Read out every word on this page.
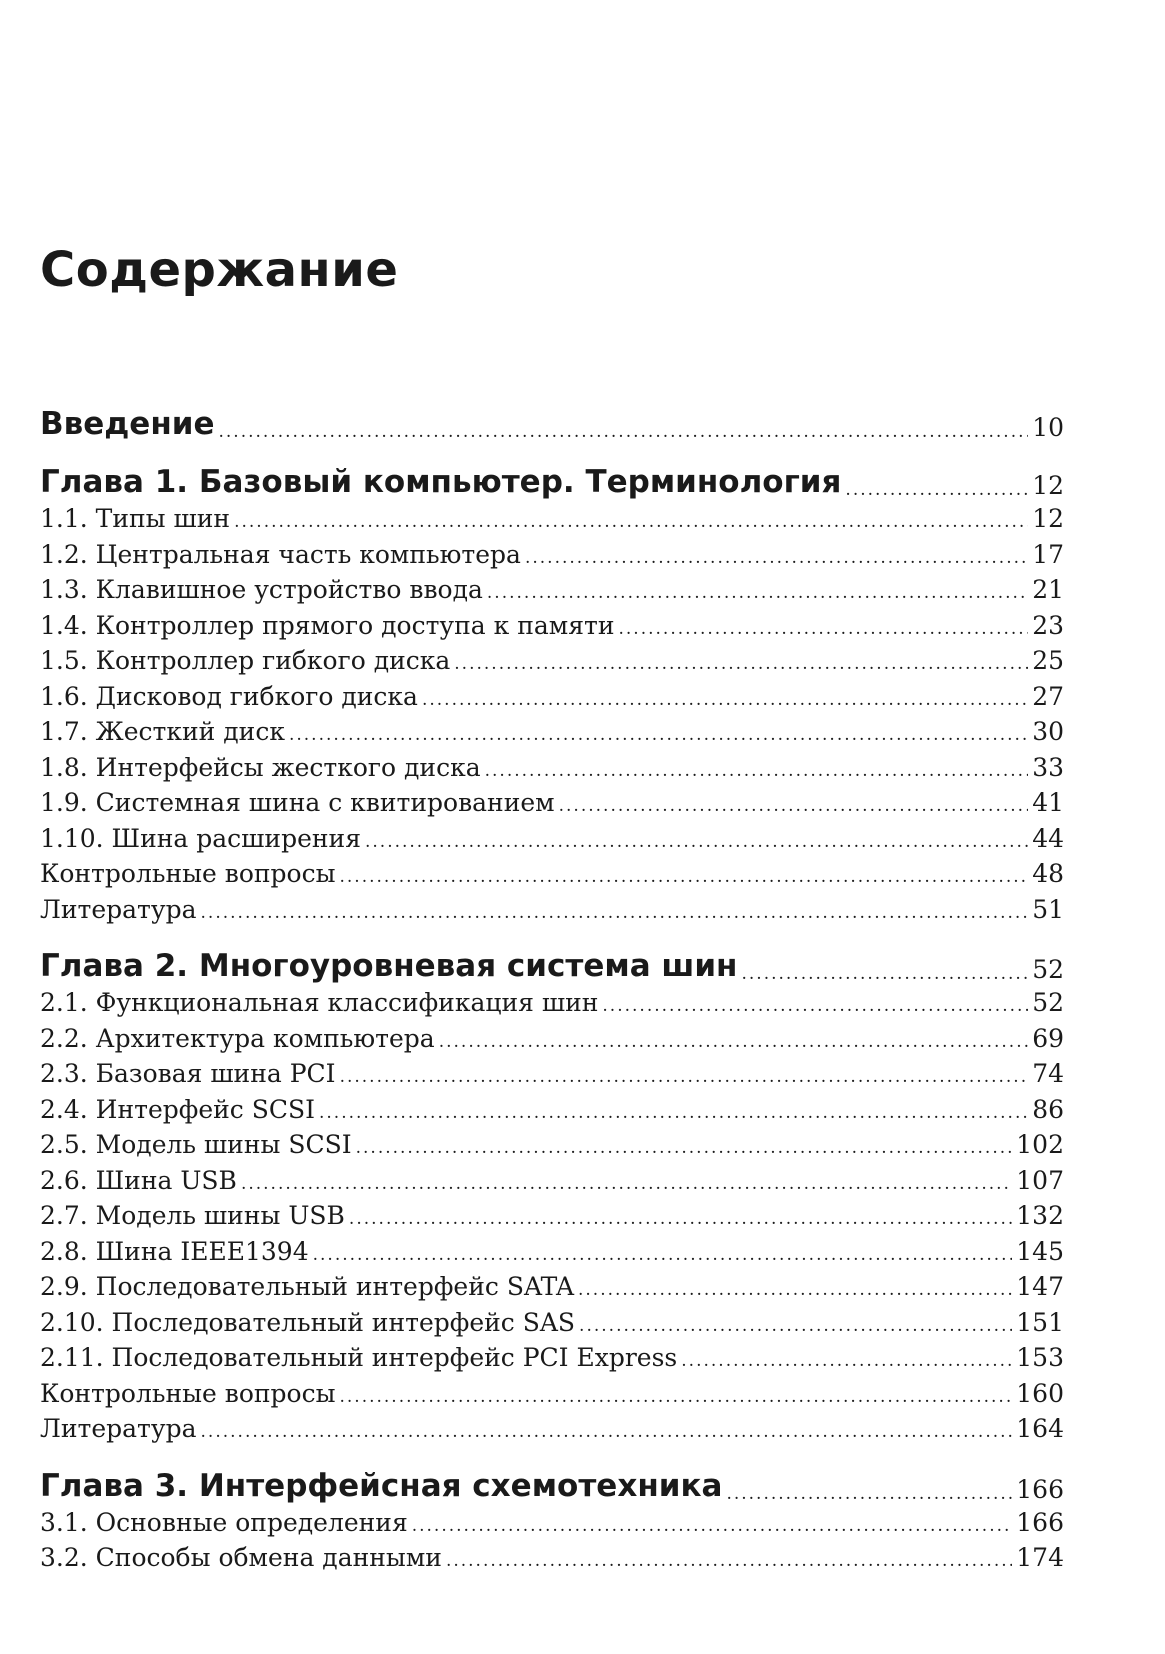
Содержание
Введение .....	10
Глава 1. Базовый компьютер. Терминология .....	12
1.1. Типы шин .....	12
1.2. Центральная часть компьютера .....	17
1.3. Клавишное устройство ввода .....	21
1.4. Контроллер прямого доступа к памяти .....	23
1.5. Контроллер гибкого диска .....	25
1.6. Дисковод гибкого диска .....	27
1.7. Жесткий диск .....	30
1.8. Интерфейсы жесткого диска .....	33
1.9. Системная шина с квитированием .....	41
1.10. Шина расширения .....	44
Контрольные вопросы .....	48
Литература .....	51
Глава 2. Многоуровневая система шин .....	52
2.1. Функциональная классификация шин .....	52
2.2. Архитектура компьютера .....	69
2.3. Базовая шина PCI .....	74
2.4. Интерфейс SCSI .....	86
2.5. Модель шины SCSI .....	102
2.6. Шина USB .....	107
2.7. Модель шины USB .....	132
2.8. Шина IEEE1394 .....	145
2.9. Последовательный интерфейс SATA .....	147
2.10. Последовательный интерфейс SAS .....	151
2.11. Последовательный интерфейс PCI Express .....	153
Контрольные вопросы .....	160
Литература .....	164
Глава 3. Интерфейсная схемотехника .....	166
3.1. Основные определения .....	166
3.2. Способы обмена данными .....	174
